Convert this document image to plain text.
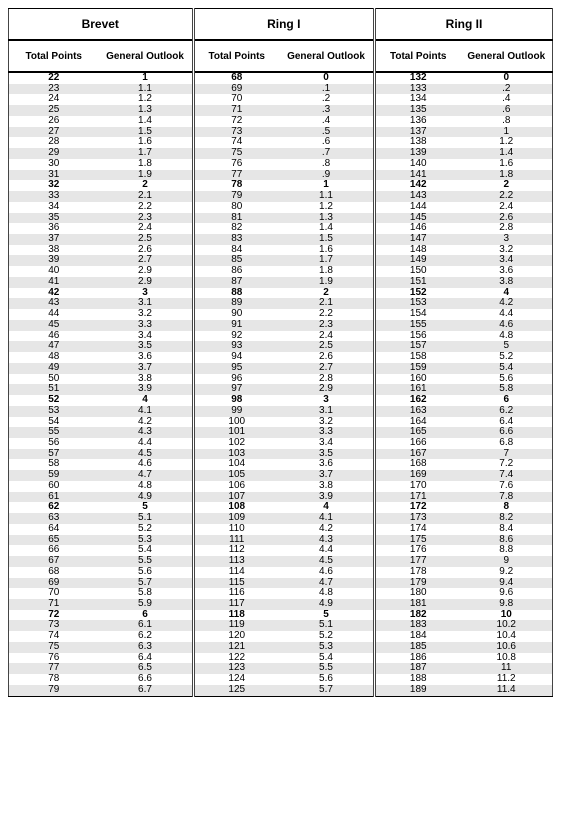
Brevet	
Total Points	General Outlook
22	1
23	1.1
24	1.2
25	1.3
26	1.4
27	1.5
28	1.6
29	1.7
30	1.8
31	1.9
32	2
33	2.1
34	2.2
35	2.3
36	2.4
37	2.5
38	2.6
39	2.7
40	2.9
41	2.9
42	3
43	3.1
44	3.2
45	3.3
46	3.4
47	3.5
48	3.6
49	3.7
50	3.8
51	3.9
52	4
53	4.1
54	4.2
55	4.3
56	4.4
57	4.5
58	4.6
59	4.7
60	4.8
61	4.9
62	5
63	5.1
64	5.2
65	5.3
66	5.4
67	5.5
68	5.6
69	5.7
70	5.8
71	5.9
72	6
73	6.1
74	6.2
75	6.3
76	6.4
77	6.5
78	6.6
79	6.7
Ring I	
Total Points	General Outlook
68	0
69	.1
70	.2
71	.3
72	.4
73	.5
74	.6
75	.7
76	.8
77	.9
78	1
79	1.1
80	1.2
81	1.3
82	1.4
83	1.5
84	1.6
85	1.7
86	1.8
87	1.9
88	2
89	2.1
90	2.2
91	2.3
92	2.4
93	2.5
94	2.6
95	2.7
96	2.8
97	2.9
98	3
99	3.1
100	3.2
101	3.3
102	3.4
103	3.5
104	3.6
105	3.7
106	3.8
107	3.9
108	4
109	4.1
110	4.2
111	4.3
112	4.4
113	4.5
114	4.6
115	4.7
116	4.8
117	4.9
118	5
119	5.1
120	5.2
121	5.3
122	5.4
123	5.5
124	5.6
125	5.7
Ring II	
Total Points	General Outlook
132	0
133	.2
134	.4
135	.6
136	.8
137	1
138	1.2
139	1.4
140	1.6
141	1.8
142	2
143	2.2
144	2.4
145	2.6
146	2.8
147	3
148	3.2
149	3.4
150	3.6
151	3.8
152	4
153	4.2
154	4.4
155	4.6
156	4.8
157	5
158	5.2
159	5.4
160	5.6
161	5.8
162	6
163	6.2
164	6.4
165	6.6
166	6.8
167	7
168	7.2
169	7.4
170	7.6
171	7.8
172	8
173	8.2
174	8.4
175	8.6
176	8.8
177	9
178	9.2
179	9.4
180	9.6
181	9.8
182	10
183	10.2
184	10.4
185	10.6
186	10.8
187	11
188	11.2
189	11.4
